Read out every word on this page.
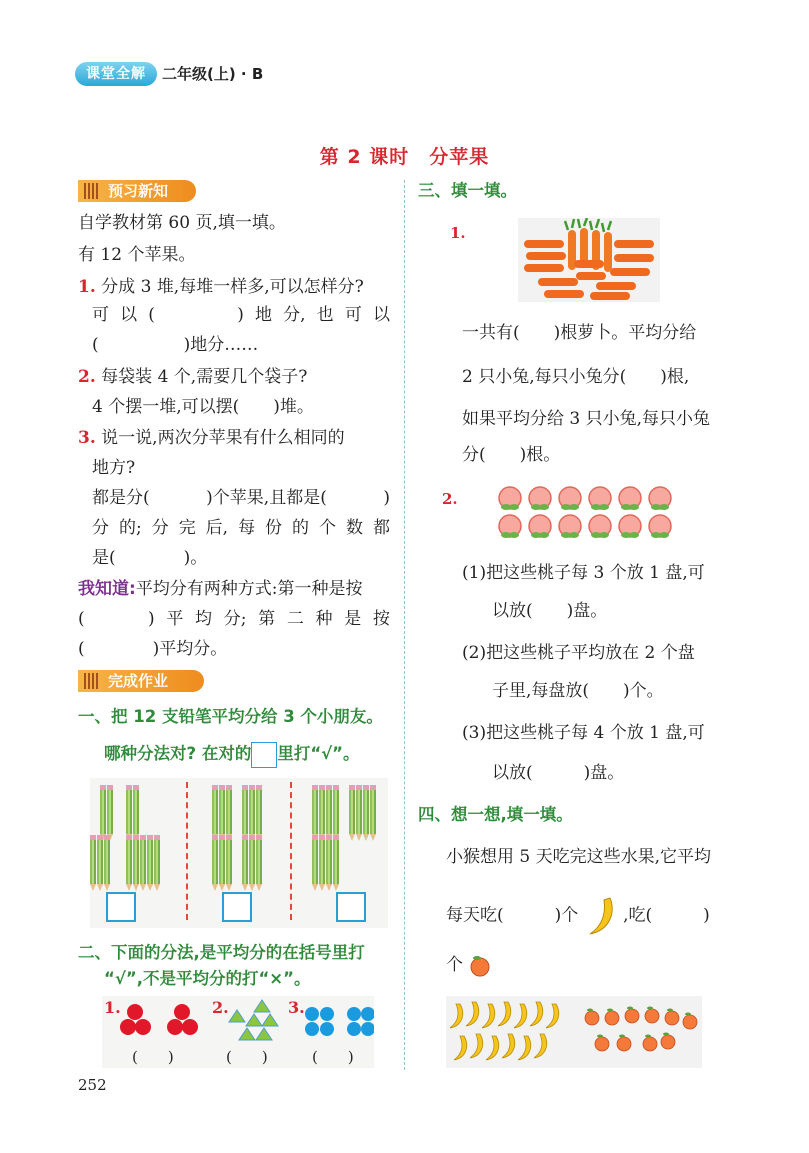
课堂全解	二年级(上) · B
第 2 课时　分苹果
预习新知
自学教材第 60 页,填一填。
有 12 个苹果。
1. 分成 3 堆,每堆一样多,可以怎样分?
可 以 (	) 地 分, 也 可 以
(　　　　　)地分……
2. 每袋装 4 个,需要几个袋子?
4 个摆一堆,可以摆(　　)堆。
3. 说一说,两次分苹果有什么相同的
地方?
都是分(	)个苹果,且都是(	)
分 的; 分 完 后, 每 份 的 个 数 都
是(　　　　)。
我知道:平均分有两种方式:第一种是按
(	) 平 均 分; 第 二 种 是 按
(　　　　)平均分。
完成作业
一、把 12 支铅笔平均分给 3 个小朋友。
哪种分法对? 在对的 里打“√”。
二、下面的分法,是平均分的在括号里打
“√”,不是平均分的打“×”。
1.	2.	3.
(　　)	(　　)	(　　)
252
三、填一填。
1.
一共有(　　)根萝卜。平均分给
2 只小兔,每只小兔分(　　)根,
如果平均分给 3 只小兔,每只小兔
分(　　)根。
2.
(1)把这些桃子每 3 个放 1 盘,可
以放(　　)盘。
(2)把这些桃子平均放在 2 个盘
子里,每盘放(　　)个。
(3)把这些桃子每 4 个放 1 盘,可
以放(　　　)盘。
四、想一想,填一填。
小猴想用 5 天吃完这些水果,它平均
每天吃(　　　)个	,吃(　　　)
个
